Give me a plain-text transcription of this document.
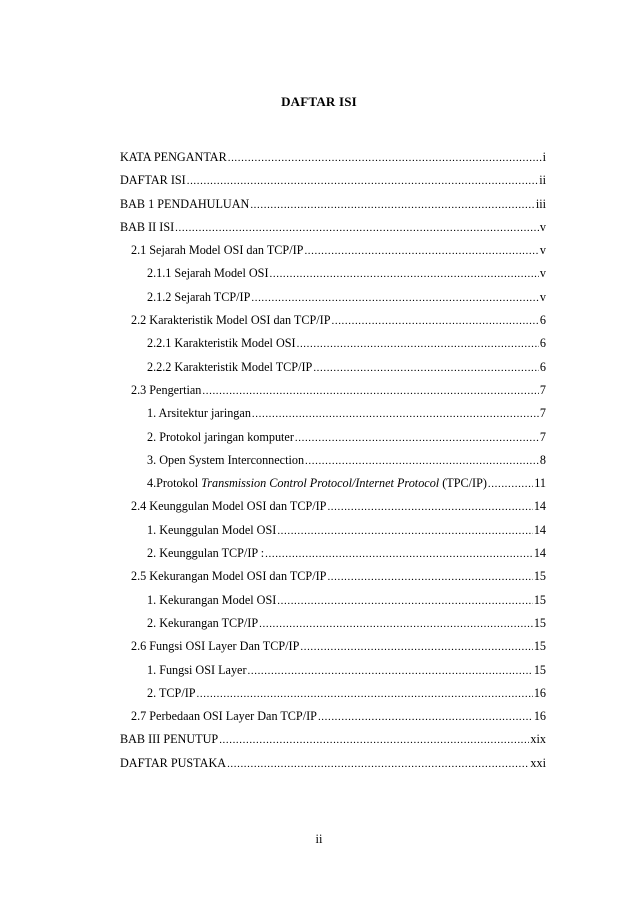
DAFTAR ISI
KATA PENGANTAR .....	i
DAFTAR ISI .....	ii
BAB 1 PENDAHULUAN .....	iii
BAB II ISI .....	v
2.1 Sejarah Model OSI dan TCP/IP .....	v
2.1.1 Sejarah Model OSI .....	v
2.1.2 Sejarah TCP/IP .....	v
2.2 Karakteristik Model OSI dan TCP/IP .....	6
2.2.1 Karakteristik Model OSI .....	6
2.2.2 Karakteristik Model TCP/IP .....	6
2.3 Pengertian .....	7
1. Arsitektur jaringan .....	7
2. Protokol jaringan komputer .....	7
3. Open System Interconnection .....	8
4.Protokol Transmission Control Protocol/Internet Protocol (TPC/IP) .....	11
2.4 Keunggulan Model OSI dan TCP/IP .....	14
1. Keunggulan Model OSI .....	14
2. Keunggulan TCP/IP : .....	14
2.5 Kekurangan Model OSI dan TCP/IP .....	15
1. Kekurangan Model OSI .....	15
2. Kekurangan TCP/IP .....	15
2.6 Fungsi OSI Layer Dan TCP/IP .....	15
1. Fungsi OSI Layer .....	15
2. TCP/IP .....	16
2.7 Perbedaan OSI Layer Dan TCP/IP .....	16
BAB III PENUTUP .....	xix
DAFTAR PUSTAKA .....	xxi
ii
